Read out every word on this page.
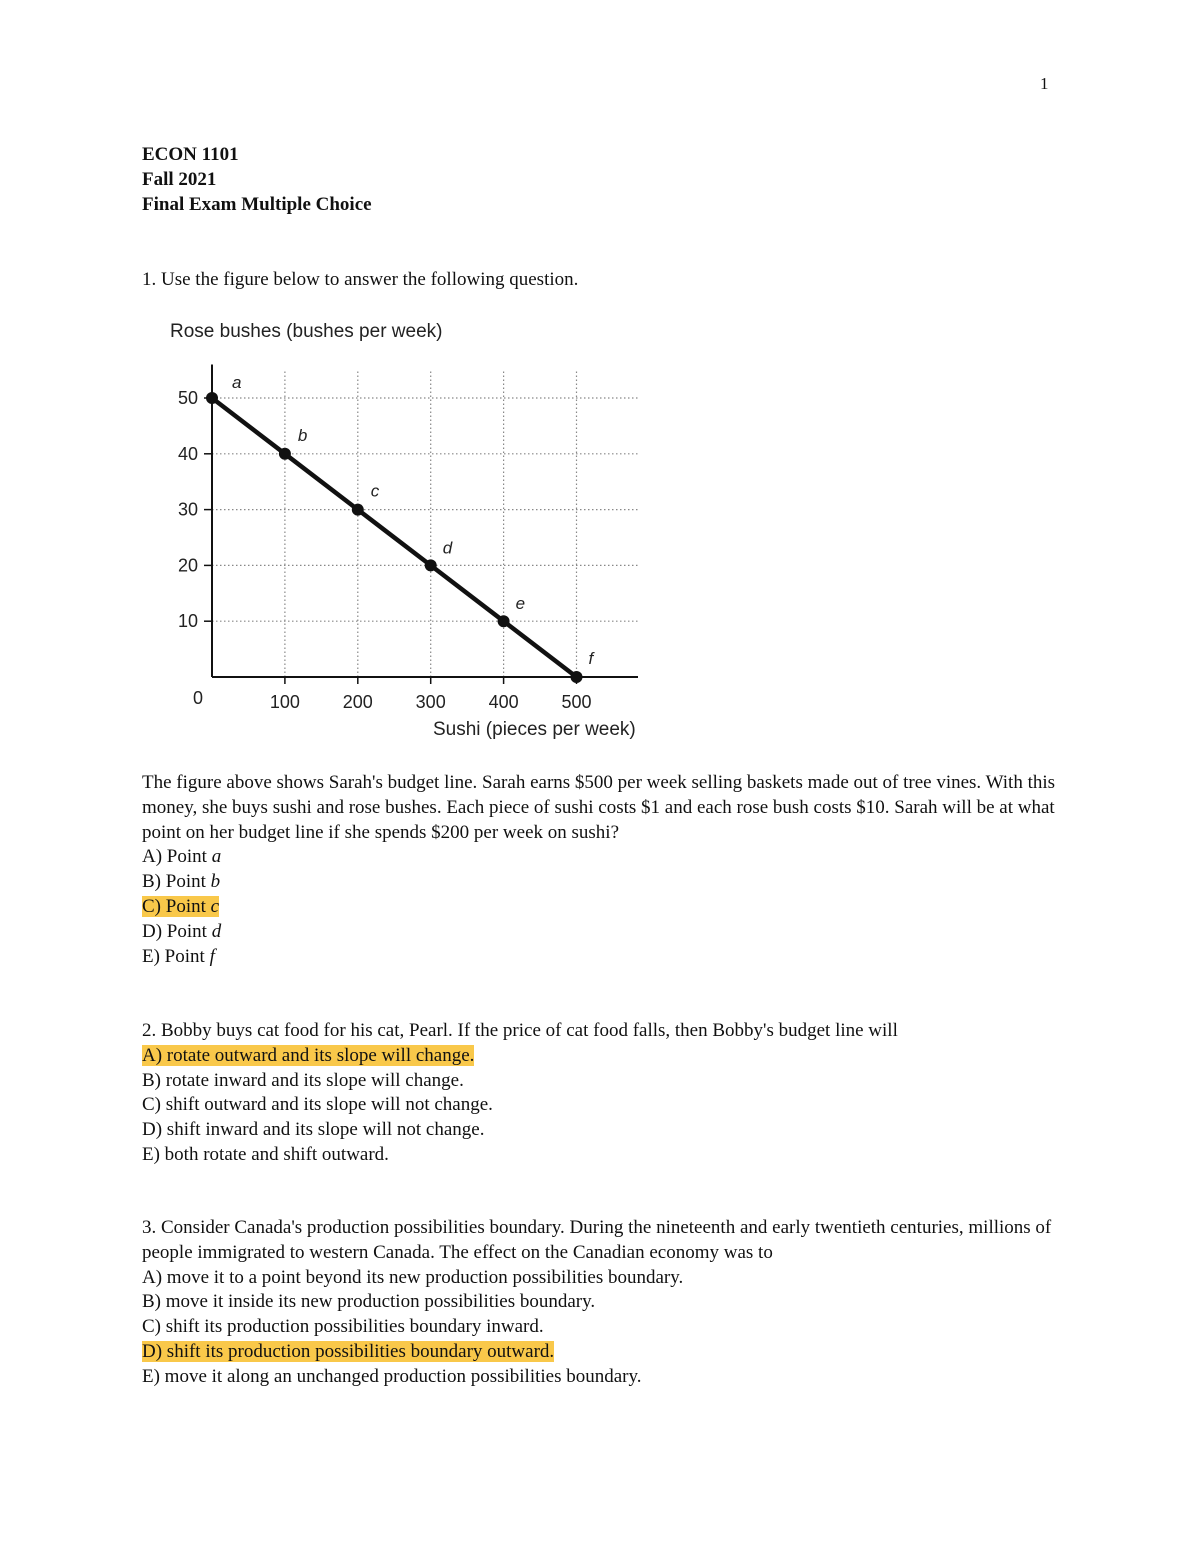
1
ECON 1101
Fall 2021
Final Exam Multiple Choice
1. Use the figure below to answer the following question.
Rose bushes (bushes per week)
10
20
30
40
50
100 200 300 400 500
0
a
b
c
d
e
f
Sushi (pieces per week)
The figure above shows Sarah's budget line. Sarah earns $500 per week selling baskets made out of tree vines. With this money, she buys sushi and rose bushes. Each piece of sushi costs $1 and each rose bush costs $10. Sarah will be at what point on her budget line if she spends $200 per week on sushi?
A) Point a
B) Point b
C) Point c
D) Point d
E) Point f
2. Bobby buys cat food for his cat, Pearl. If the price of cat food falls, then Bobby's budget line will
A) rotate outward and its slope will change.
B) rotate inward and its slope will change.
C) shift outward and its slope will not change.
D) shift inward and its slope will not change.
E) both rotate and shift outward.
3. Consider Canada's production possibilities boundary. During the nineteenth and early twentieth centuries, millions of people immigrated to western Canada. The effect on the Canadian economy was to
A) move it to a point beyond its new production possibilities boundary.
B) move it inside its new production possibilities boundary.
C) shift its production possibilities boundary inward.
D) shift its production possibilities boundary outward.
E) move it along an unchanged production possibilities boundary.
